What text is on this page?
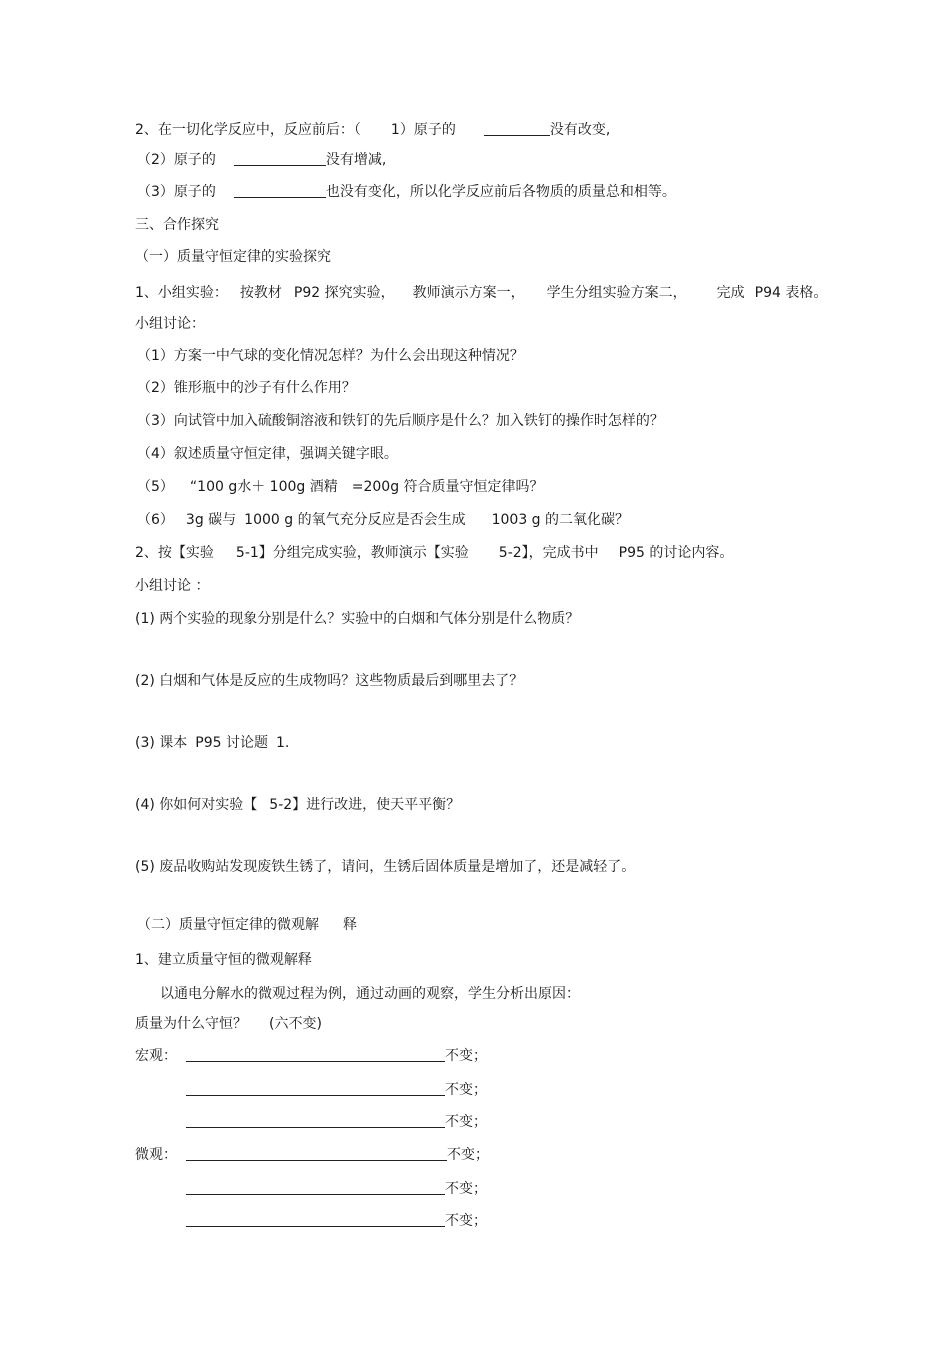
2、在一切化学反应中，反应前后：（ 1）原子的	没有改变,
（2）原子的	没有增减,
（3）原子的	也没有变化，所以化学反应前后各物质的质量总和相等。
三、合作探究
（一）质量守恒定律的实验探究
1、小组实验： 按教材 P92 探究实验， 教师演示方案一， 学生分组实验方案二， 完成 P94 表格。
小组讨论：
（1）方案一中气球的变化情况怎样？为什么会出现这种情况？
（2）锥形瓶中的沙子有什么作用？
（3）向试管中加入硫酸铜溶液和铁钉的先后顺序是什么？加入铁钉的操作时怎样的？
（4）叙述质量守恒定律，强调关键字眼。
（5） “100 g水＋ 100g 酒精 =200g 符合质量守恒定律吗？
（6） 3g 碳与 1000 g 的氧气充分反应是否会生成 1003 g 的二氧化碳？
2、按【实验 5-1】分组完成实验，教师演示【实验 5-2】，完成书中 P95 的讨论内容。
小组讨论 ：
(1) 两个实验的现象分别是什么？实验中的白烟和气体分别是什么物质？
(2) 白烟和气体是反应的生成物吗？这些物质最后到哪里去了？
(3) 课本 P95 讨论题 1.
(4) 你如何对实验【 5-2】进行改进，使天平平衡？
(5) 废品收购站发现废铁生锈了，请问，生锈后固体质量是增加了，还是减轻了。
（二）质量守恒定律的微观解 释
1、建立质量守恒的微观解释
以通电分解水的微观过程为例，通过动画的观察，学生分析出原因：
质量为什么守恒？ (六不变)
宏观：	不变；
不变；
不变；
微观：	不变；
不变；
不变；
